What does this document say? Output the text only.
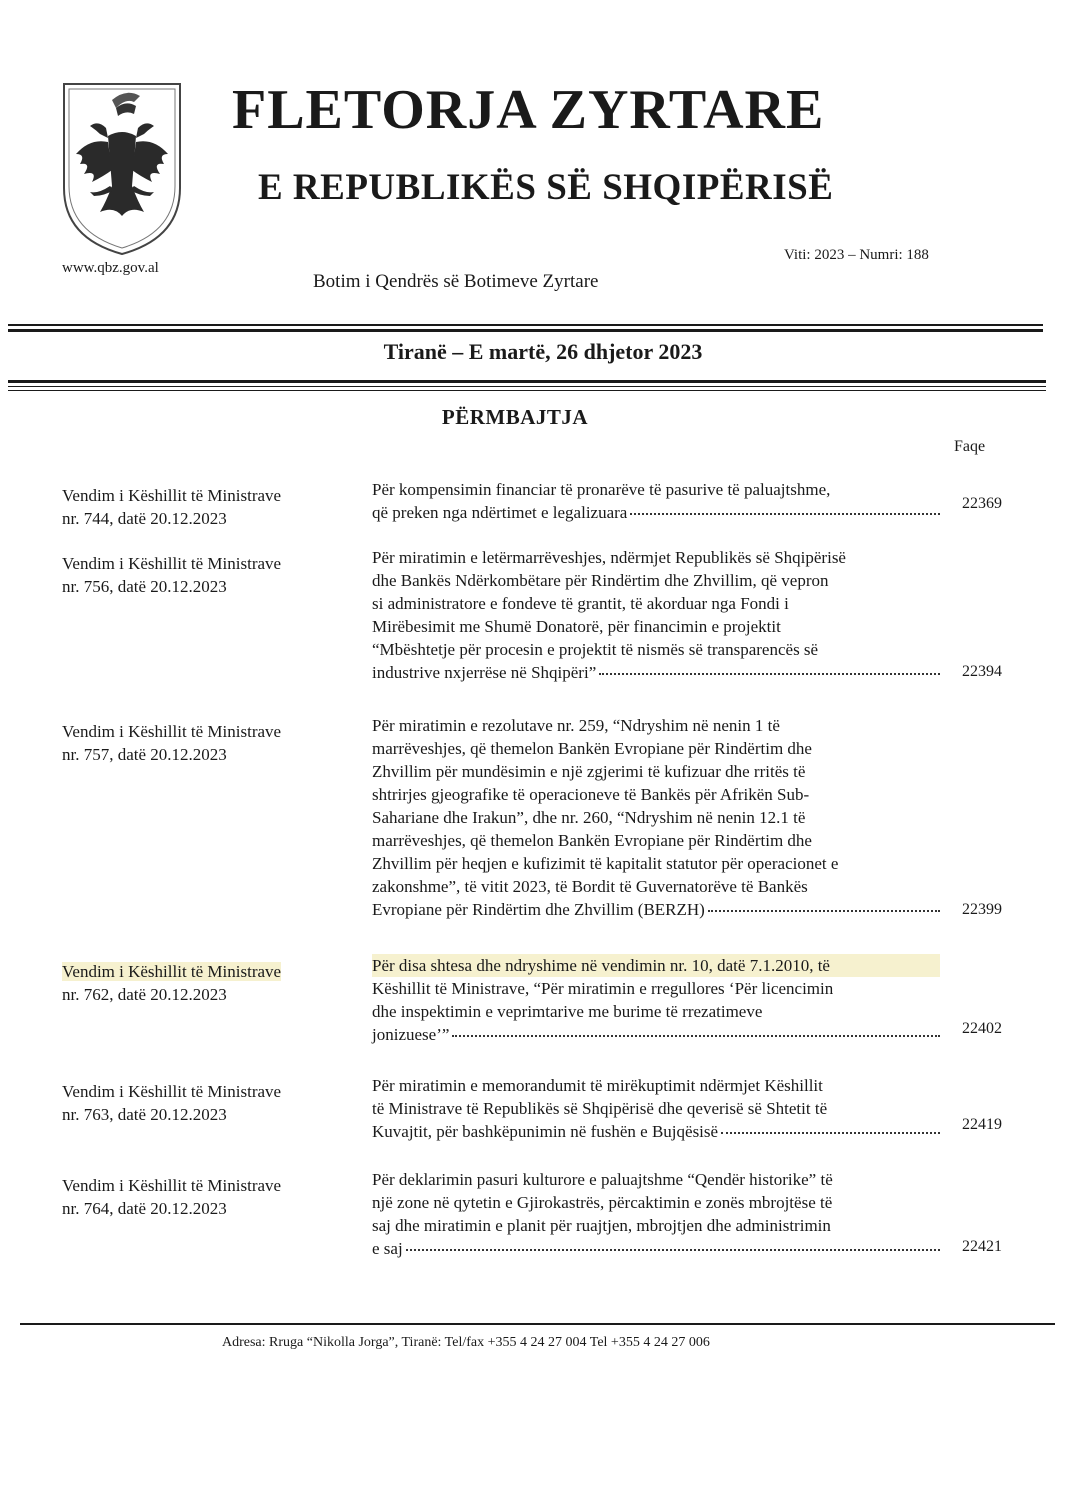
www.qbz.gov.al
FLETORJA ZYRTARE
E REPUBLIKËS SË SHQIPËRISË
Viti: 2023 – Numri: 188
Botim i Qendrës së Botimeve Zyrtare
Tiranë – E martë, 26 dhjetor 2023
PËRMBAJTJA
Faqe
Vendim i Këshillit të Ministrave
nr. 744, datë 20.12.2023
Për kompensimin financiar të pronarëve të pasurive të paluajtshme,
që preken nga ndërtimet e legalizuara	22369
Vendim i Këshillit të Ministrave
nr. 756, datë 20.12.2023
Për miratimin e letërmarrëveshjes, ndërmjet Republikës së Shqipërisë
dhe Bankës Ndërkombëtare për Rindërtim dhe Zhvillim, që vepron
si administratore e fondeve të grantit, të akorduar nga Fondi i
Mirëbesimit me Shumë Donatorë, për financimin e projektit
“Mbështetje për procesin e projektit të nismës së transparencës së
industrive nxjerrëse në Shqipëri”	22394
Vendim i Këshillit të Ministrave
nr. 757, datë 20.12.2023
Për miratimin e rezolutave nr. 259, “Ndryshim në nenin 1 të
marrëveshjes, që themelon Bankën Evropiane për Rindërtim dhe
Zhvillim për mundësimin e një zgjerimi të kufizuar dhe rritës të
shtrirjes gjeografike të operacioneve të Bankës për Afrikën Sub-
Sahariane dhe Irakun”, dhe nr. 260, “Ndryshim në nenin 12.1 të
marrëveshjes, që themelon Bankën Evropiane për Rindërtim dhe
Zhvillim për heqjen e kufizimit të kapitalit statutor për operacionet e
zakonshme”, të vitit 2023, të Bordit të Guvernatorëve të Bankës
Evropiane për Rindërtim dhe Zhvillim (BERZH)	22399
Vendim i Këshillit të Ministrave
nr. 762, datë 20.12.2023
Për disa shtesa dhe ndryshime në vendimin nr. 10, datë 7.1.2010, të
Këshillit të Ministrave, “Për miratimin e rregullores ‘Për licencimin
dhe inspektimin e veprimtarive me burime të rrezatimeve
jonizuese’”	22402
Vendim i Këshillit të Ministrave
nr. 763, datë 20.12.2023
Për miratimin e memorandumit të mirëkuptimit ndërmjet Këshillit
të Ministrave të Republikës së Shqipërisë dhe qeverisë së Shtetit të
Kuvajtit, për bashkëpunimin në fushën e Bujqësisë	22419
Vendim i Këshillit të Ministrave
nr. 764, datë 20.12.2023
Për deklarimin pasuri kulturore e paluajtshme “Qendër historike” të
një zone në qytetin e Gjirokastrës, përcaktimin e zonës mbrojtëse të
saj dhe miratimin e planit për ruajtjen, mbrojtjen dhe administrimin
e saj	22421
Adresa: Rruga “Nikolla Jorga”, Tiranë: Tel/fax +355 4 24 27 004 Tel +355 4 24 27 006
